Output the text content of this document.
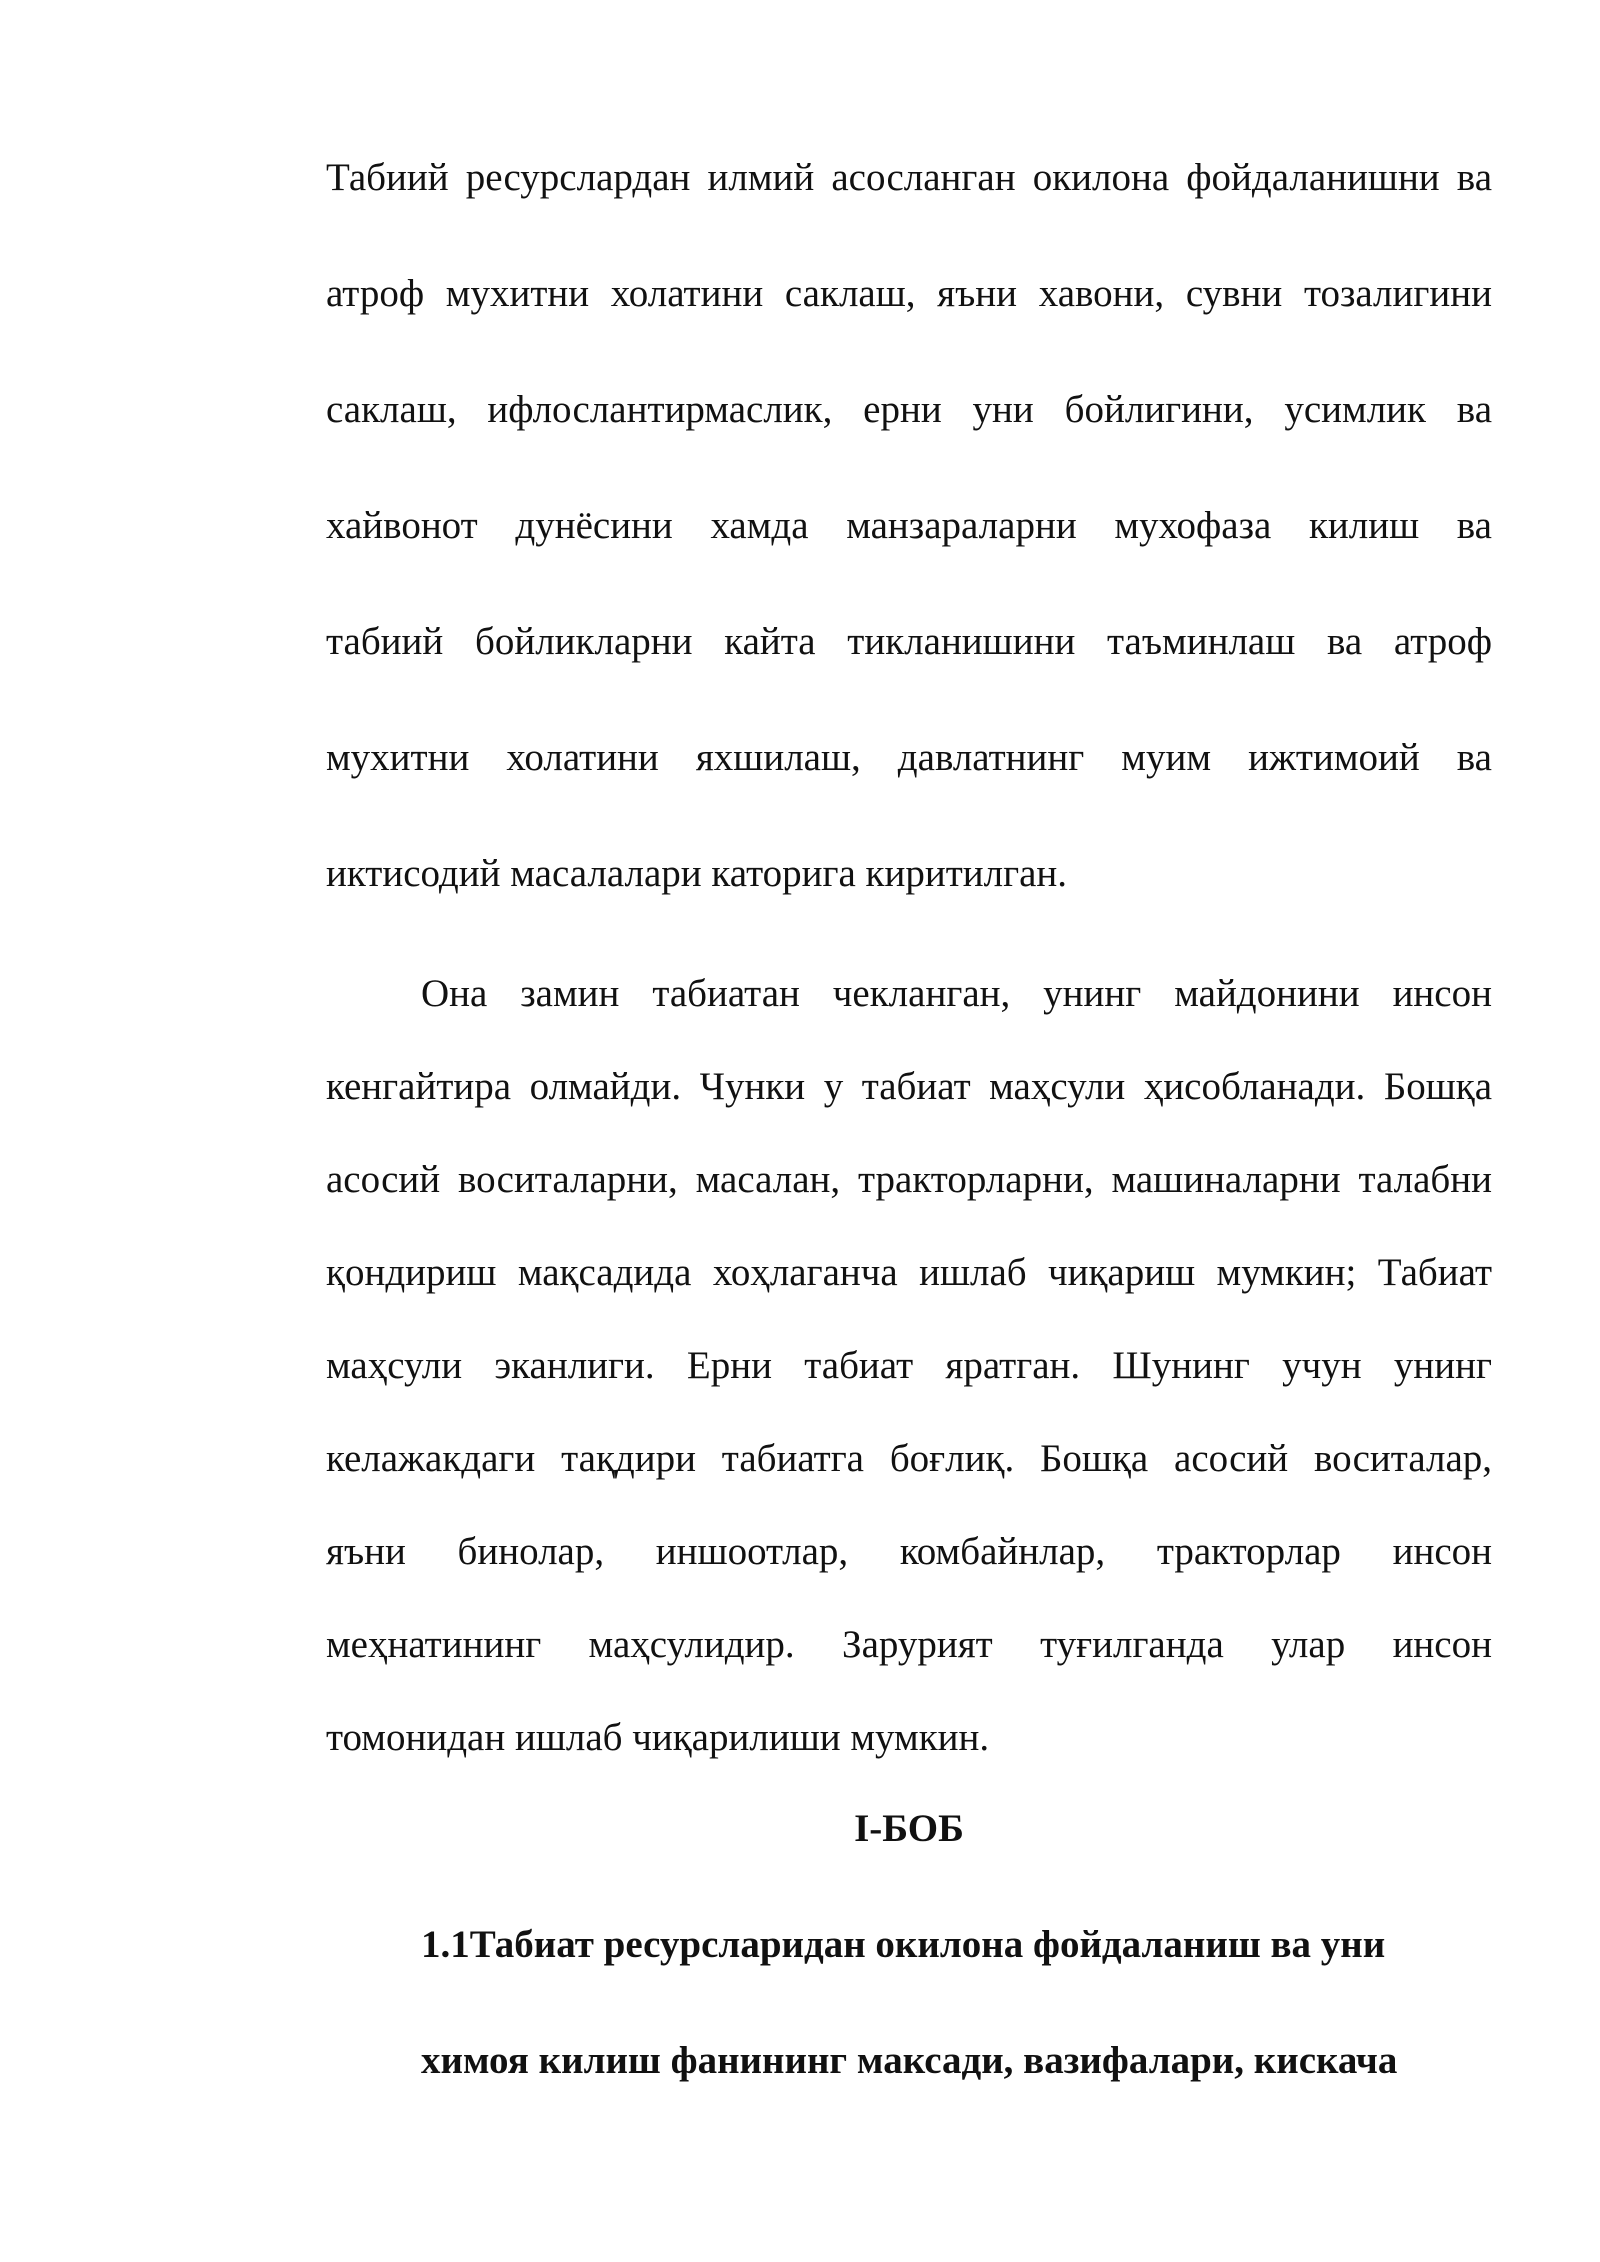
Табиий ресурслардан илмий асосланган окилона фойдаланишни ва
атроф мухитни холатини саклаш, яъни хавони, сувни тозалигини
саклаш, ифлослантирмаслик, ерни уни бойлигини, усимлик ва
хайвонот дунёсини хамда манзараларни мухофаза килиш ва
табиий бойликларни кайта тикланишини таъминлаш ва атроф
мухитни холатини яхшилаш, давлатнинг муим ижтимоий ва
иктисодий масалалари каторига киритилган.
Она замин табиатан чекланган, унинг майдонини инсон
кенгайтира олмайди. Чунки у табиат маҳсули ҳисобланади. Бошқа
асосий воситаларни, масалан, тракторларни, машиналарни талабни
қондириш мақсадида хоҳлаганча ишлаб чиқариш мумкин; Табиат
маҳсули эканлиги. Ерни табиат яратган. Шунинг учун унинг
келажакдаги тақдири табиатга боғлиқ. Бошқа асосий воситалар,
яъни бинолар, иншоотлар, комбайнлар, тракторлар инсон
меҳнатининг маҳсулидир. Зарурият туғилганда улар инсон
томонидан ишлаб чиқарилиши мумкин.
I-БОБ
1.1Табиат ресурсларидан окилона фойдаланиш ва уни
химоя килиш фанининг максади, вазифалари, кискача
